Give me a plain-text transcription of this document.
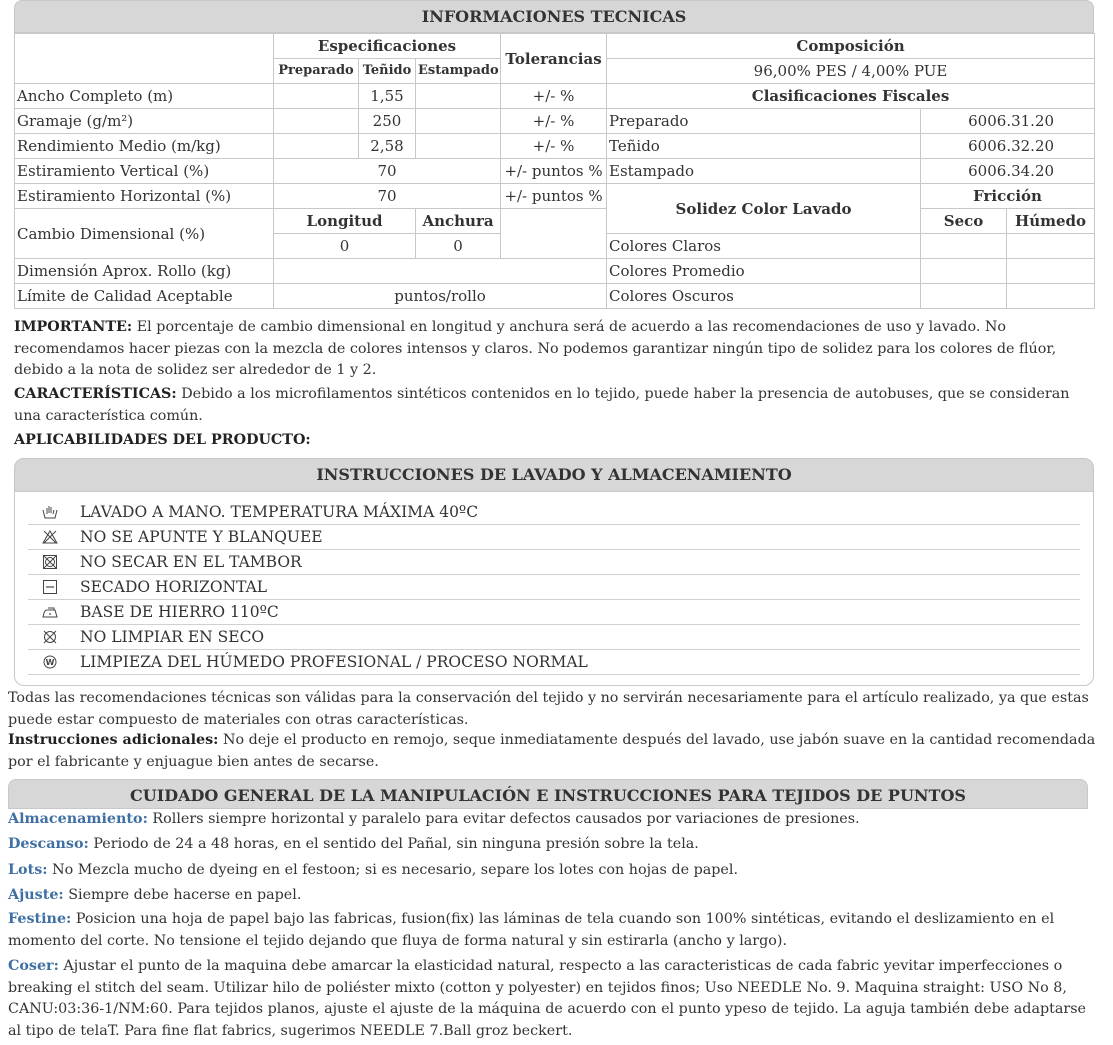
INFORMACIONES TECNICAS
	Especificaciones			Tolerancias	Composición		
	Preparado	Teñido	Estampado		96,00% PES / 4,00% PUE		
Ancho Completo (m)		1,55		+/- %	Clasificaciones Fiscales		
Gramaje (g/m²)		250		+/- %	Preparado	6006.31.20	
Rendimiento Medio (m/kg)		2,58		+/- %	Teñido	6006.32.20	
Estiramiento Vertical (%)	70			+/- puntos %	Estampado	6006.34.20	
Estiramiento Horizontal (%)	70			+/- puntos %	Solidez Color Lavado	Fricción	
Cambio Dimensional (%)	Longitud		Anchura			Seco	Húmedo
	0		0		Colores Claros		
Dimensión Aprox. Rollo (kg)					Colores Promedio		
Límite de Calidad Aceptable	puntos/rollo				Colores Oscuros		
IMPORTANTE: El porcentaje de cambio dimensional en longitud y anchura será de acuerdo a las recomendaciones de uso y lavado. No recomendamos hacer piezas con la mezcla de colores intensos y claros. No podemos garantizar ningún tipo de solidez para los colores de flúor, debido a la nota de solidez ser alrededor de 1 y 2.
CARACTERÍSTICAS: Debido a los microfilamentos sintéticos contenidos en lo tejido, puede haber la presencia de autobuses, que se consideran una característica común.
APLICABILIDADES DEL PRODUCTO:
INSTRUCCIONES DE LAVADO Y ALMACENAMIENTO
LAVADO A MANO. TEMPERATURA MÁXIMA 40ºC
NO SE APUNTE Y BLANQUEE
NO SECAR EN EL TAMBOR
SECADO HORIZONTAL
BASE DE HIERRO 110ºC
NO LIMPIAR EN SECO
W LIMPIEZA DEL HÚMEDO PROFESIONAL / PROCESO NORMAL
Todas las recomendaciones técnicas son válidas para la conservación del tejido y no servirán necesariamente para el artículo realizado, ya que estas puede estar compuesto de materiales con otras características.
Instrucciones adicionales: No deje el producto en remojo, seque inmediatamente después del lavado, use jabón suave en la cantidad recomendada por el fabricante y enjuague bien antes de secarse.
CUIDADO GENERAL DE LA MANIPULACIÓN E INSTRUCCIONES PARA TEJIDOS DE PUNTOS
Almacenamiento: Rollers siempre horizontal y paralelo para evitar defectos causados por variaciones de presiones.
Descanso: Periodo de 24 a 48 horas, en el sentido del Pañal, sin ninguna presión sobre la tela.
Lots: No Mezcla mucho de dyeing en el festoon; si es necesario, separe los lotes con hojas de papel.
Ajuste: Siempre debe hacerse en papel.
Festine: Posicion una hoja de papel bajo las fabricas, fusion(fix) las láminas de tela cuando son 100% sintéticas, evitando el deslizamiento en el momento del corte. No tensione el tejido dejando que fluya de forma natural y sin estirarla (ancho y largo).
Coser: Ajustar el punto de la maquina debe amarcar la elasticidad natural, respecto a las caracteristicas de cada fabric yevitar imperfecciones o breaking el stitch del seam. Utilizar hilo de poliéster mixto (cotton y polyester) en tejidos finos; Uso NEEDLE No. 9. Maquina straight: USO No 8, CANU:03:36-1/NM:60. Para tejidos planos, ajuste el ajuste de la máquina de acuerdo con el punto ypeso de tejido. La aguja también debe adaptarse al tipo de telaT. Para fine flat fabrics, sugerimos NEEDLE 7.Ball groz beckert.
